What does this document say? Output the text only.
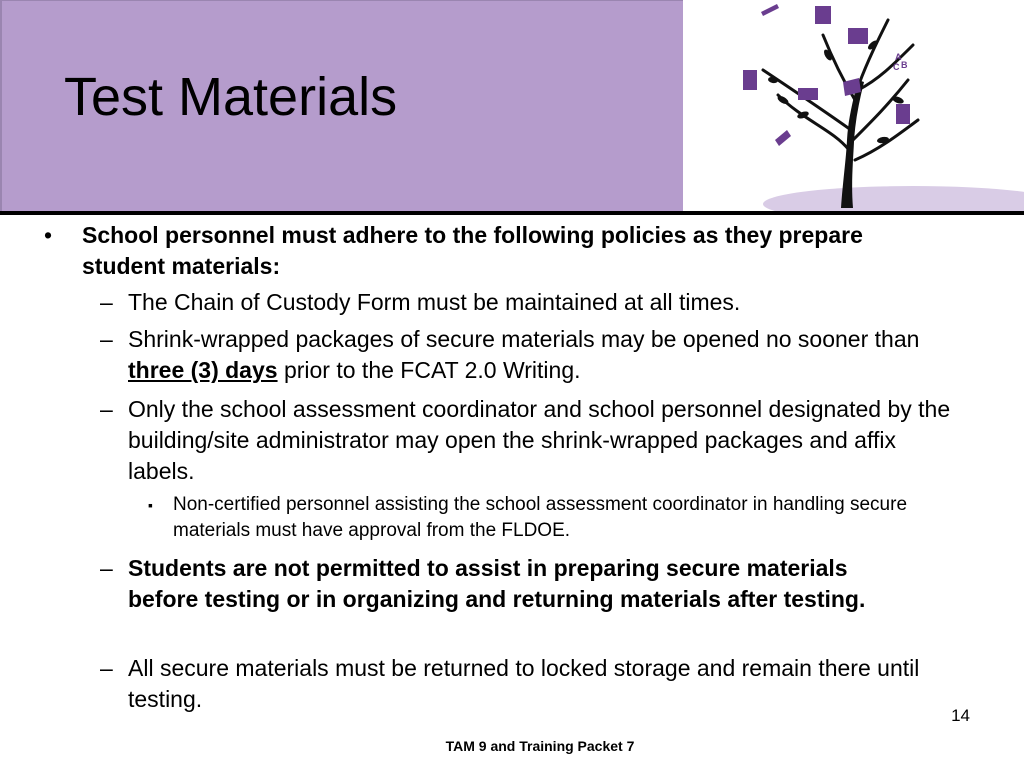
Test Materials
A
C B
• School personnel must adhere to the following policies as they prepare student materials:
– The Chain of Custody Form must be maintained at all times.
– Shrink-wrapped packages of secure materials may be opened no sooner than three (3) days prior to the FCAT 2.0 Writing.
– Only the school assessment coordinator and school personnel designated by the building/site administrator may open the shrink-wrapped packages and affix labels.
▪ Non-certified personnel assisting the school assessment coordinator in handling secure materials must have approval from the FLDOE.
– Students are not permitted to assist in preparing secure materials before testing or in organizing and returning materials after testing.
– All secure materials must be returned to locked storage and remain there until testing.
14
TAM 9 and Training Packet 7
